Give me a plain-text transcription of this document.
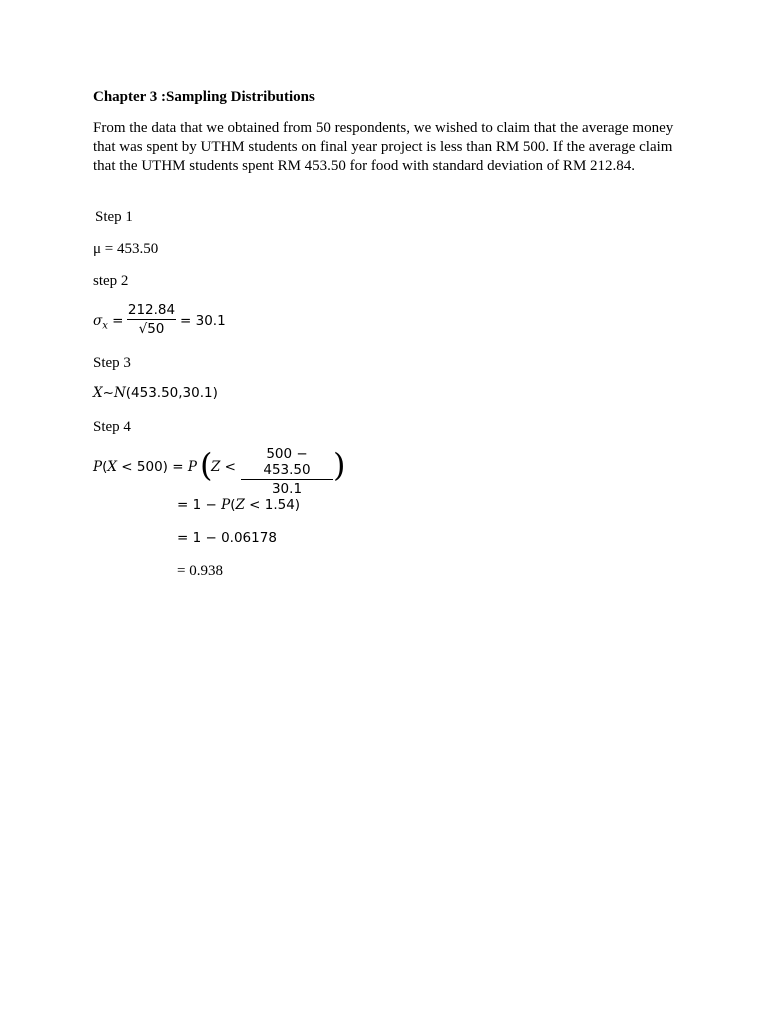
Chapter 3 :Sampling Distributions
From the data that we obtained from 50 respondents, we wished to claim that the average money that was spent by UTHM students on final year project is less than RM 500. If the average claim that the UTHM students spent RM 453.50 for food with standard deviation of RM 212.84.
Step 1
μ = 453.50
step 2
$\sigma_x$ =
212.84
√50	= 30.1
Step 3
X~N(453.50,30.1)
Step 4
P(X < 500) = P (
Z <
500 − 453.50
30.1
)
= 1 − P(Z < 1.54)
= 1 − 0.06178
= 0.938
